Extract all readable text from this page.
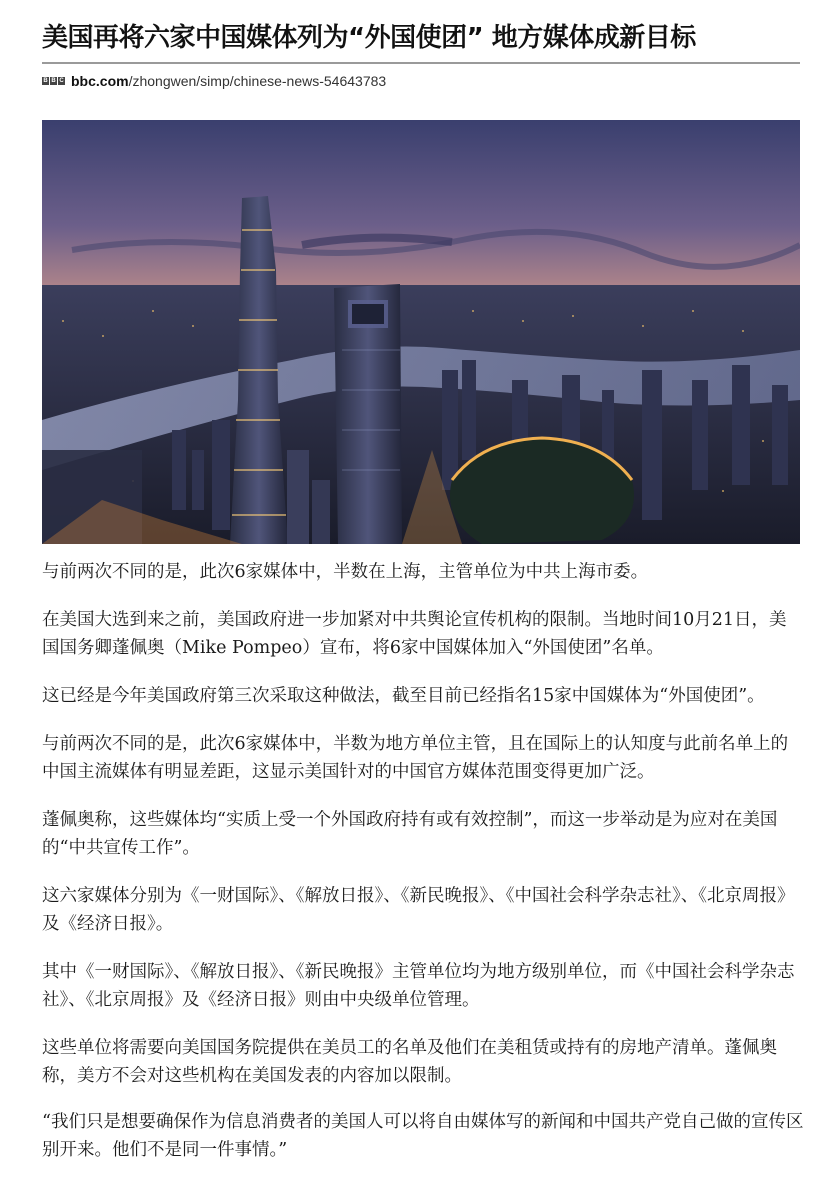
美国再将六家中国媒体列为“外国使团” 地方媒体成新目标
B B C bbc.com /zhongwen/simp/chinese-news-54643783

与前两次不同的是，此次6家媒体中，半数在上海，主管单位为中共上海市委。

在美国大选到来之前，美国政府进一步加紧对中共舆论宣传机构的限制。当地时间10月21日，美国国务卿蓬佩奥（Mike Pompeo）宣布，将6家中国媒体加入“外国使团”名单。

这已经是今年美国政府第三次采取这种做法，截至目前已经指名15家中国媒体为“外国使团”。

与前两次不同的是，此次6家媒体中，半数为地方单位主管，且在国际上的认知度与此前名单上的中国主流媒体有明显差距，这显示美国针对的中国官方媒体范围变得更加广泛。

蓬佩奥称，这些媒体均“实质上受一个外国政府持有或有效控制”，而这一步举动是为应对在美国的“中共宣传工作”。

这六家媒体分别为《一财国际》、《解放日报》、《新民晚报》、《中国社会科学杂志社》、《北京周报》及《经济日报》。

其中《一财国际》、《解放日报》、《新民晚报》主管单位均为地方级别单位，而《中国社会科学杂志社》、《北京周报》及《经济日报》则由中央级单位管理。

这些单位将需要向美国国务院提供在美员工的名单及他们在美租赁或持有的房地产清单。蓬佩奥称，美方不会对这些机构在美国发表的内容加以限制。

“我们只是想要确保作为信息消费者的美国人可以将自由媒体写的新闻和中国共产党自己做的宣传区别开来。他们不是同一件事情。”
